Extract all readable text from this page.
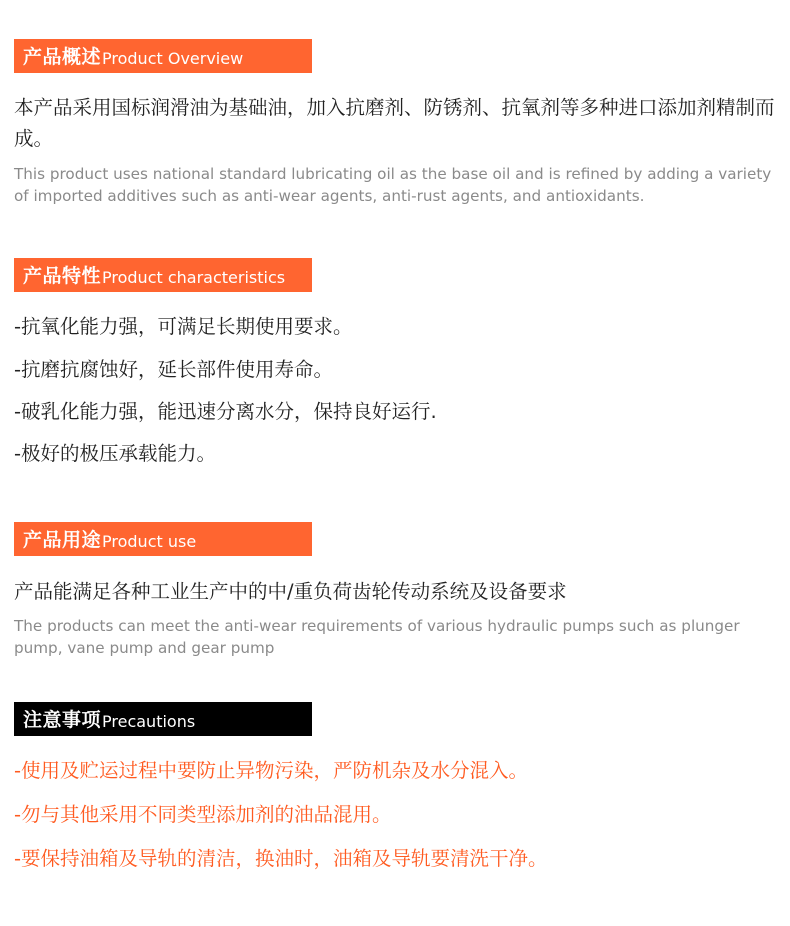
产品概述 Product Overview

本产品采用国标润滑油为基础油，加入抗磨剂、防锈剂、抗氧剂等多种进口添加剂精制而成。

This product uses national standard lubricating oil as the base oil and is refined by adding a variety of imported additives such as anti-wear agents, anti-rust agents, and antioxidants.

产品特性 Product characteristics

-抗氧化能力强，可满足长期使用要求。

-抗磨抗腐蚀好，延长部件使用寿命。

-破乳化能力强，能迅速分离水分，保持良好运行.

-极好的极压承载能力。

产品用途 Product use

产品能满足各种工业生产中的中/重负荷齿轮传动系统及设备要求

The products can meet the anti-wear requirements of various hydraulic pumps such as plunger pump, vane pump and gear pump

注意事项 Precautions

-使用及贮运过程中要防止异物污染，严防机杂及水分混入。

-勿与其他采用不同类型添加剂的油品混用。

-要保持油箱及导轨的清洁，换油时，油箱及导轨要清洗干净。
